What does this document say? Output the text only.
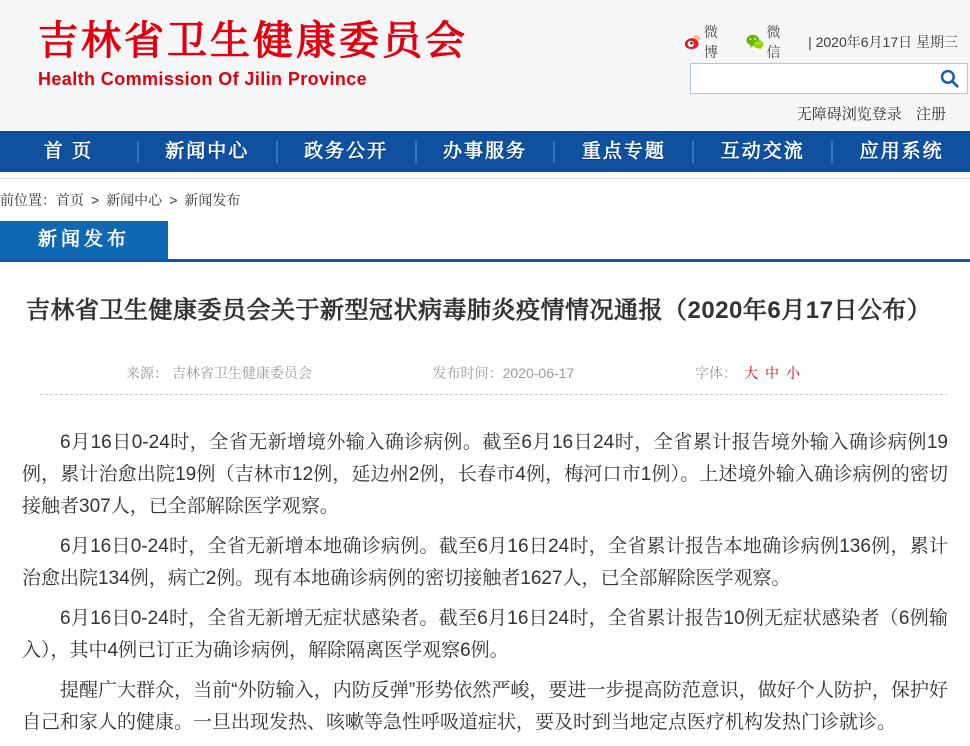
吉林省卫生健康委员会
Health Commission Of Jilin Province
微博
微信
| 2020年6月17日 星期三
无障碍浏览登录 注册
首 页	新闻中心	政务公开	办事服务	重点专题	互动交流	应用系统
前位置：首页 > 新闻中心 > 新闻发布
新闻发布
吉林省卫生健康委员会关于新型冠状病毒肺炎疫情情况通报（2020年6月17日公布）
来源： 吉林省卫生健康委员会	发布时间：2020-06-17	字体： 大 中 小

6月16日0-24时，全省无新增境外输入确诊病例。截至6月16日24时，全省累计报告境外输入确诊病例19例，累计治愈出院19例（吉林市12例，延边州2例，长春市4例，梅河口市1例）。上述境外输入确诊病例的密切接触者307人，已全部解除医学观察。

6月16日0-24时，全省无新增本地确诊病例。截至6月16日24时，全省累计报告本地确诊病例136例，累计治愈出院134例，病亡2例。现有本地确诊病例的密切接触者1627人，已全部解除医学观察。

6月16日0-24时，全省无新增无症状感染者。截至6月16日24时，全省累计报告10例无症状感染者（6例输入），其中4例已订正为确诊病例，解除隔离医学观察6例。

提醒广大群众，当前“外防输入，内防反弹”形势依然严峻，要进一步提高防范意识，做好个人防护，保护好自己和家人的健康。一旦出现发热、咳嗽等急性呼吸道症状，要及时到当地定点医疗机构发热门诊就诊。
